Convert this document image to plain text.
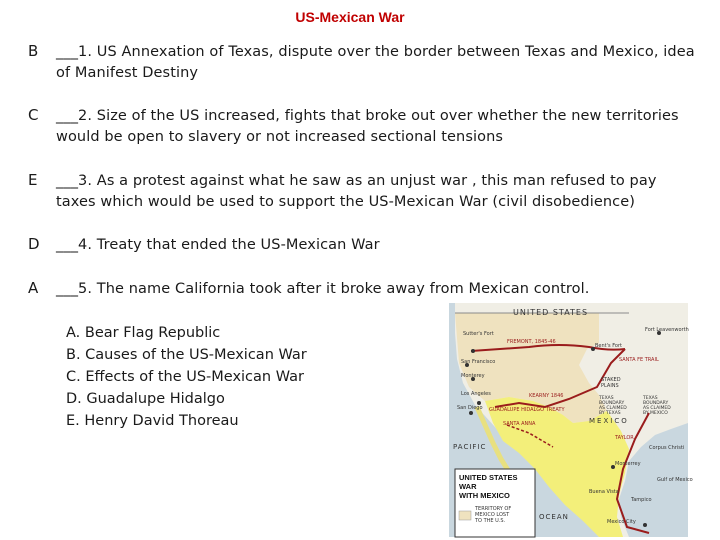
US-Mexican War
B ___1. US Annexation of Texas, dispute over the border between Texas and Mexico, idea of Manifest Destiny
C ___2. Size of the US increased, fights that broke out over whether the new territories would be open to slavery or not increased sectional tensions
E ___3. As a protest against what he saw as an unjust war , this man refused to pay taxes which would be used to support the US-Mexican War (civil disobedience)
D ___4. Treaty that ended the US-Mexican War
A ___5. The name California took after it broke away from Mexican control.
A. Bear Flag Republic
B. Causes of the US-Mexican War
C. Effects of the US-Mexican War
D. Guadalupe Hidalgo
E. Henry David Thoreau
UNITED STATES
Sutter's Fort
San Francisco
Monterey
Los Angeles
San Diego
FREMONT, 1845-46
KEARNY 1846
Bent's Fort
SANTA FE TRAIL
Fort Leavenworth
STAKED
PLAINS
TEXAS
BOUNDARY
AS CLAIMED
BY TEXAS
TEXAS
BOUNDARY
AS CLAIMED
BY MEXICO
GUADALUPE HIDALGO TREATY
MEXICO
TAYLOR
SANTA ANNA
PACIFIC
OCEAN
Monterrey
Mexico City
Corpus Christi
Gulf of Mexico
Tampico
Buena Vista
UNITED STATES
WAR
WITH MEXICO
TERRITORY OF
MEXICO LOST
TO THE U.S.
